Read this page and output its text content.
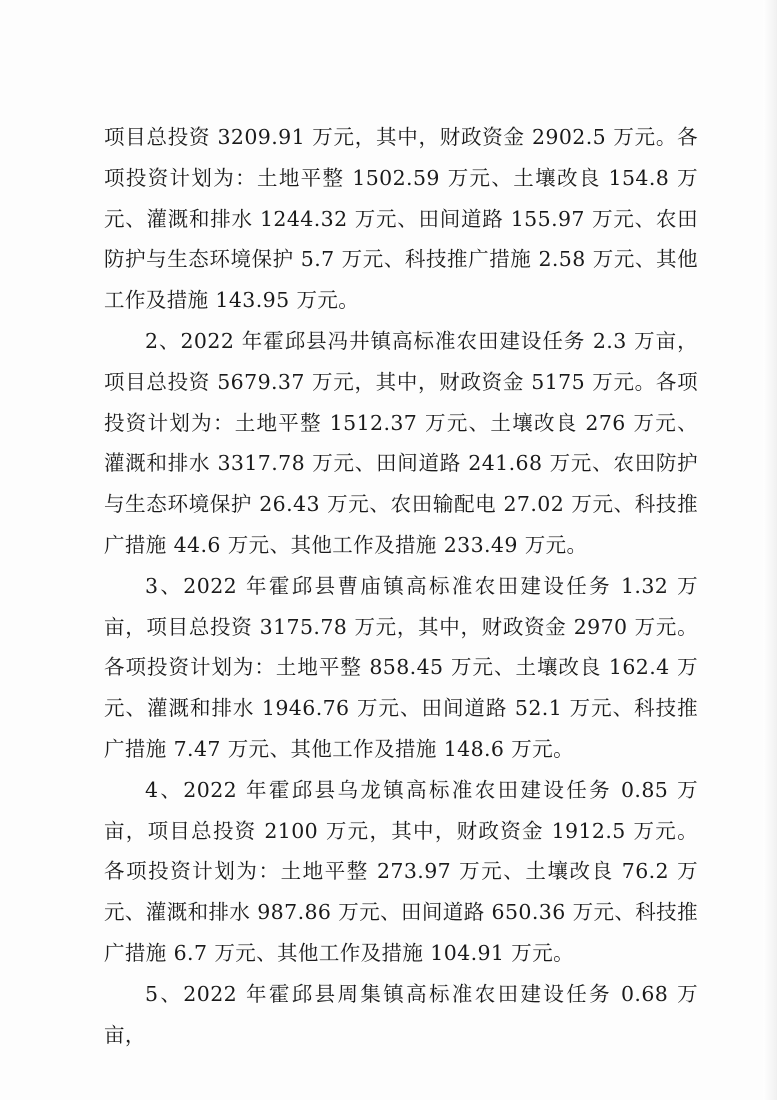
项目总投资 3209.91 万元，其中，财政资金 2902.5 万元。各项投资计划为：土地平整 1502.59 万元、土壤改良 154.8 万元、灌溉和排水 1244.32 万元、田间道路 155.97 万元、农田防护与生态环境保护 5.7 万元、科技推广措施 2.58 万元、其他工作及措施 143.95 万元。

2、2022 年霍邱县冯井镇高标准农田建设任务 2.3 万亩，项目总投资 5679.37 万元，其中，财政资金 5175 万元。各项投资计划为：土地平整 1512.37 万元、土壤改良 276 万元、灌溉和排水 3317.78 万元、田间道路 241.68 万元、农田防护与生态环境保护 26.43 万元、农田输配电 27.02 万元、科技推广措施 44.6 万元、其他工作及措施 233.49 万元。

3、2022 年霍邱县曹庙镇高标准农田建设任务 1.32 万亩，项目总投资 3175.78 万元，其中，财政资金 2970 万元。各项投资计划为：土地平整 858.45 万元、土壤改良 162.4 万元、灌溉和排水 1946.76 万元、田间道路 52.1 万元、科技推广措施 7.47 万元、其他工作及措施 148.6 万元。

4、2022 年霍邱县乌龙镇高标准农田建设任务 0.85 万亩，项目总投资 2100 万元，其中，财政资金 1912.5 万元。各项投资计划为：土地平整 273.97 万元、土壤改良 76.2 万元、灌溉和排水 987.86 万元、田间道路 650.36 万元、科技推广措施 6.7 万元、其他工作及措施 104.91 万元。

5、2022 年霍邱县周集镇高标准农田建设任务 0.68 万亩，
